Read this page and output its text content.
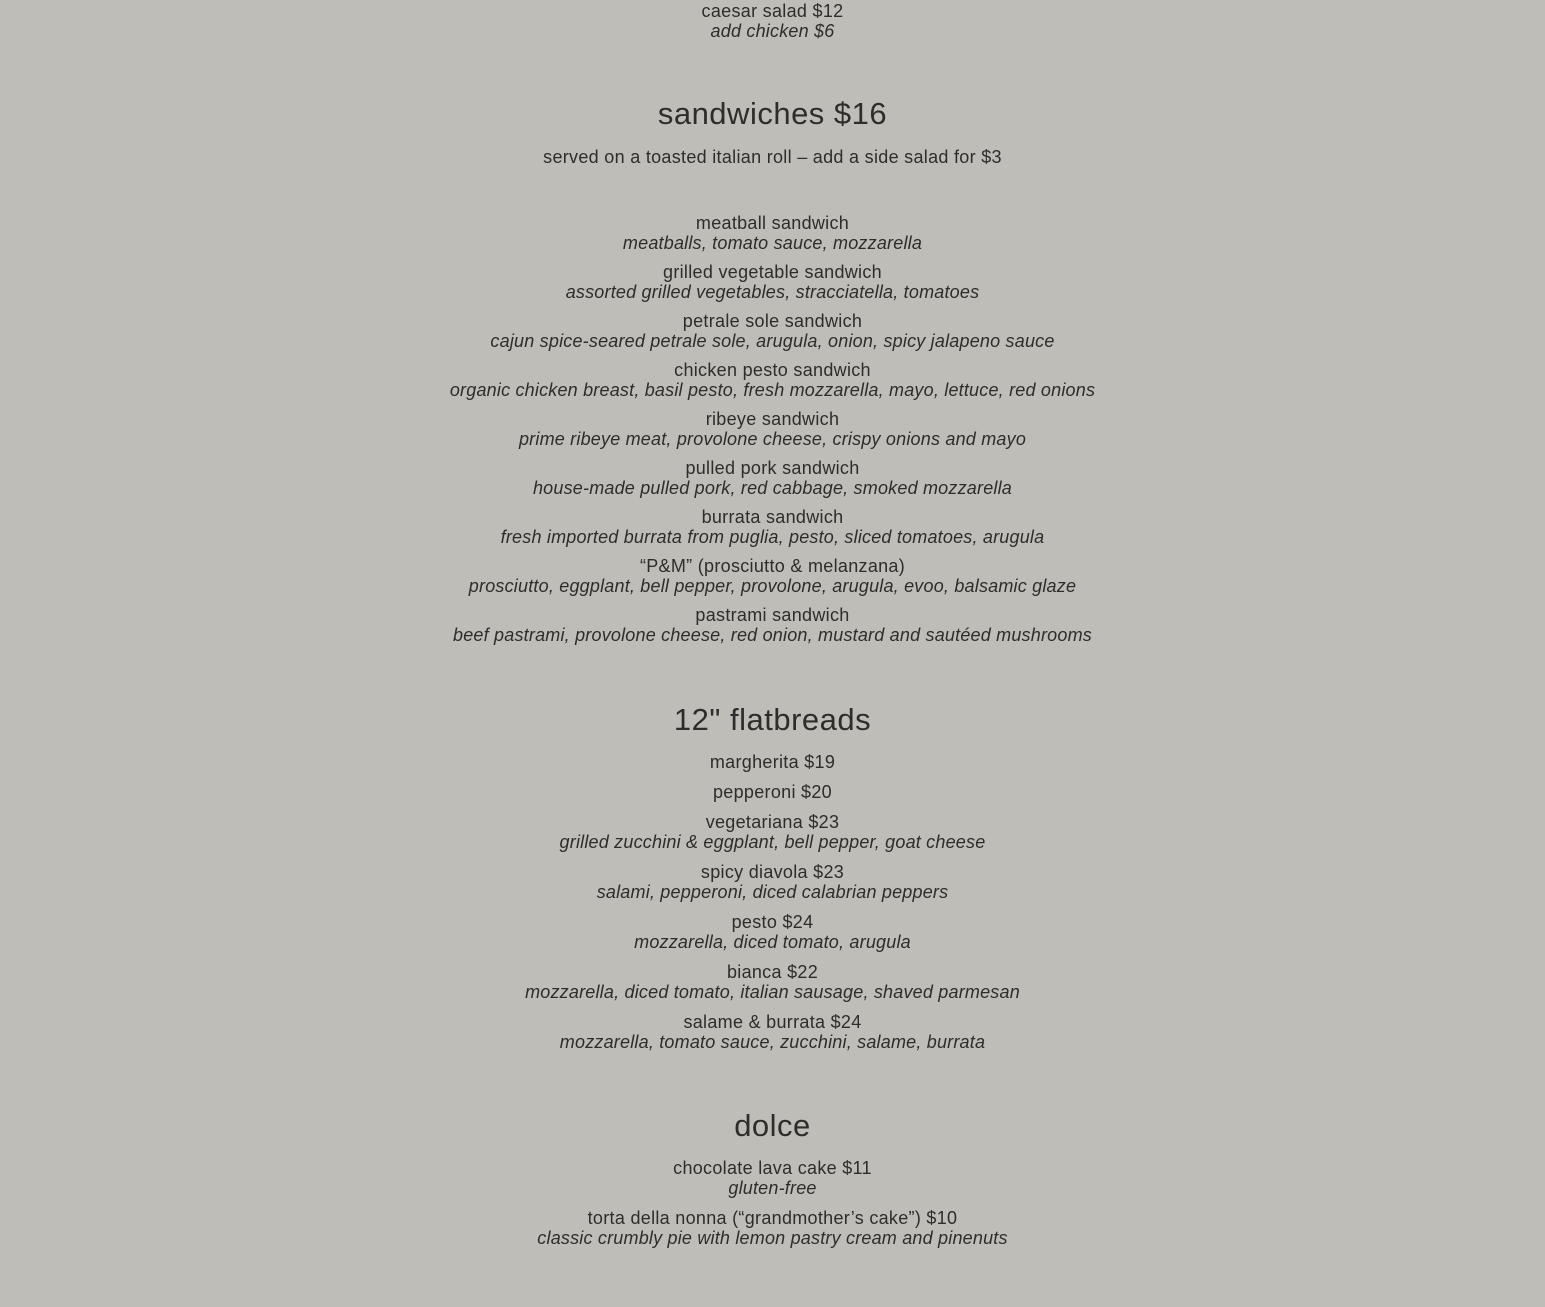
caesar salad $12
add chicken $6
sandwiches $16
served on a toasted italian roll – add a side salad for $3
meatball sandwich
meatballs, tomato sauce, mozzarella
grilled vegetable sandwich
assorted grilled vegetables, stracciatella, tomatoes
petrale sole sandwich
cajun spice-seared petrale sole, arugula, onion, spicy jalapeno sauce
chicken pesto sandwich
organic chicken breast, basil pesto, fresh mozzarella, mayo, lettuce, red onions
ribeye sandwich
prime ribeye meat, provolone cheese, crispy onions and mayo
pulled pork sandwich
house-made pulled pork, red cabbage, smoked mozzarella
burrata sandwich
fresh imported burrata from puglia, pesto, sliced tomatoes, arugula
“P&M” (prosciutto & melanzana)
prosciutto, eggplant, bell pepper, provolone, arugula, evoo, balsamic glaze
pastrami sandwich
beef pastrami, provolone cheese, red onion, mustard and sautéed mushrooms
12" flatbreads
margherita $19
pepperoni $20
vegetariana $23
grilled zucchini & eggplant, bell pepper, goat cheese
spicy diavola $23
salami, pepperoni, diced calabrian peppers
pesto $24
mozzarella, diced tomato, arugula
bianca $22
mozzarella, diced tomato, italian sausage, shaved parmesan
salame & burrata $24
mozzarella, tomato sauce, zucchini, salame, burrata
dolce
chocolate lava cake $11
gluten-free
torta della nonna (“grandmother’s cake”) $10
classic crumbly pie with lemon pastry cream and pinenuts
